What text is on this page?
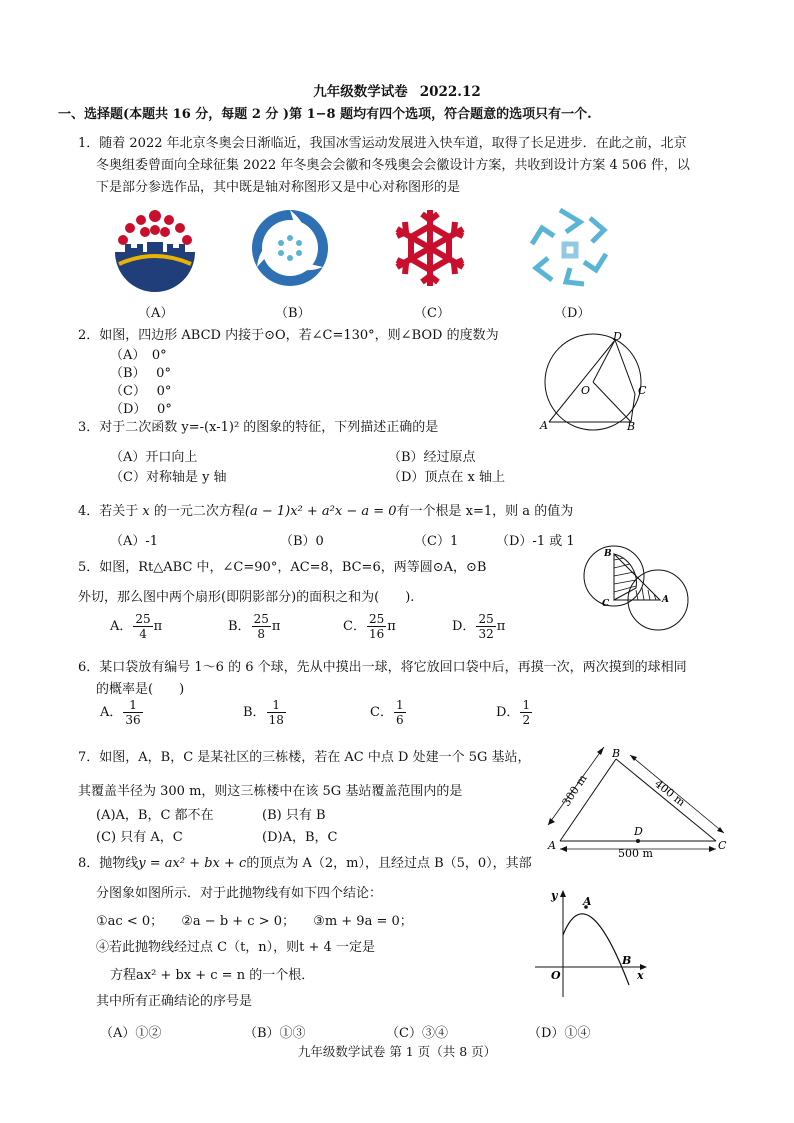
九年级数学试卷 2022.12
一、选择题(本题共 16 分，每题 2 分 )第 1−8 题均有四个选项，符合题意的选项只有一个.
1．随着 2022 年北京冬奥会日渐临近，我国冰雪运动发展进入快车道，取得了长足进步．在此之前，北京
冬奥组委曾面向全球征集 2022 年冬奥会会徽和冬残奥会会徽设计方案，共收到设计方案 4 506 件，以
下是部分参选作品，其中既是轴对称图形又是中心对称图形的是
（A）	（B）	（C）	（D）
2．如图，四边形 ABCD 内接于⊙O，若∠C=130°，则∠BOD 的度数为
（A）　0°
（B）　 0°
（C）　 0°
（D）　 0°
D
C
O
A	B
3．对于二次函数 y=-(x-1)² 的图象的特征，下列描述正确的是
（A）开口向上	（B）经过原点
（C）对称轴是 y 轴	（D）顶点在 x 轴上
4．若关于 x 的一元二次方程(a − 1)x² + a²x − a = 0有一个根是 x=1，则 a 的值为
（A）-1	（B）0	（C）1	（D）-1 或 1
5．如图，Rt△ABC 中，∠C=90°，AC=8，BC=6，两等圆⊙A，⊙B
外切，那么图中两个扇形(即阴影部分)的面积之和为(　　).
A． $\frac{25}{4}$ π	B． $\frac{25}{8}$ π	C． $\frac{25}{16}$ π	D． $\frac{25}{32}$ π
B
C	A
6．某口袋放有编号 1～6 的 6 个球，先从中摸出一球，将它放回口袋中后，再摸一次，两次摸到的球相同
的概率是(　　)
A． $\frac{1}{36}$	B． $\frac{1}{18}$	C． $\frac{1}{6}$	D． $\frac{1}{2}$
7．如图，A，B，C 是某社区的三栋楼，若在 AC 中点 D 处建一个 5G 基站，
其覆盖半径为 300 m，则这三栋楼中在该 5G 基站覆盖范围内的是
(A)A，B，C 都不在	(B) 只有 B
(C) 只有 A，C	(D)A，B，C
B
300 m	400 m
D
A
500 m
C
8．抛物线y = ax² + bx + c的顶点为 A（2，m），且经过点 B（5，0），其部
分图象如图所示．对于此抛物线有如下四个结论：
①ac < 0； ②a − b + c > 0； ③m + 9a = 0；
④若此抛物线经过点 C（t，n），则t + 4 一定是
方程ax² + bx + c = n 的一个根．
其中所有正确结论的序号是
（A）①②	（B）①③	（C）③④	（D）①④
y A
O
B
x
九年级数学试卷 第 1 页（共 8 页）
